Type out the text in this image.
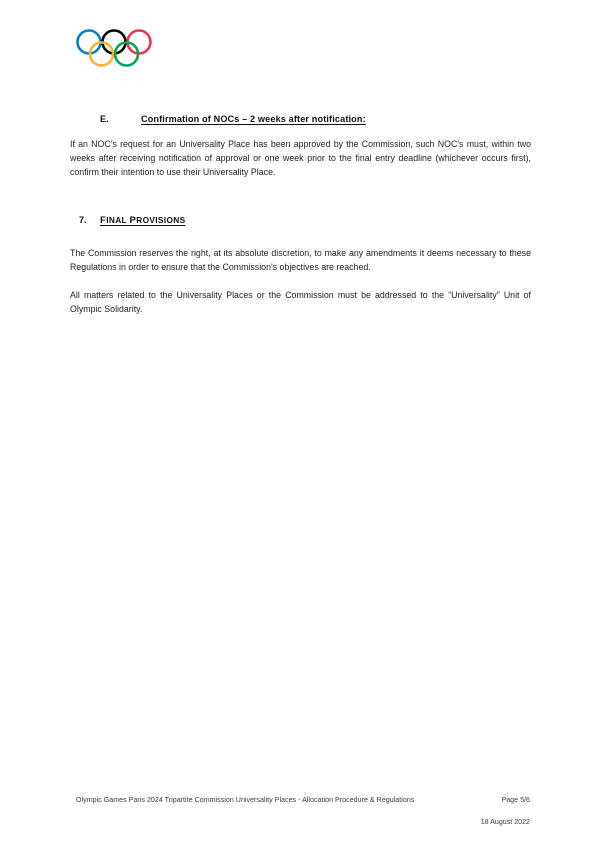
E.	Confirmation of NOCs – 2 weeks after notification:

If an NOC's request for an Universality Place has been approved by the Commission, such NOC's must, within two weeks after receiving notification of approval or one week prior to the final entry deadline (whichever occurs first), confirm their intention to use their Universality Place.

7.	FINAL PROVISIONS

The Commission reserves the right, at its absolute discretion, to make any amendments it deems necessary to these Regulations in order to ensure that the Commission's objectives are reached.

All matters related to the Universality Places or the Commission must be addressed to the “Universality” Unit of Olympic Solidarity.

Olympic Games Paris 2024 Tripartite Commission Universality Places - Allocation Procedure & Regulations	Page 5/6
18 August 2022
